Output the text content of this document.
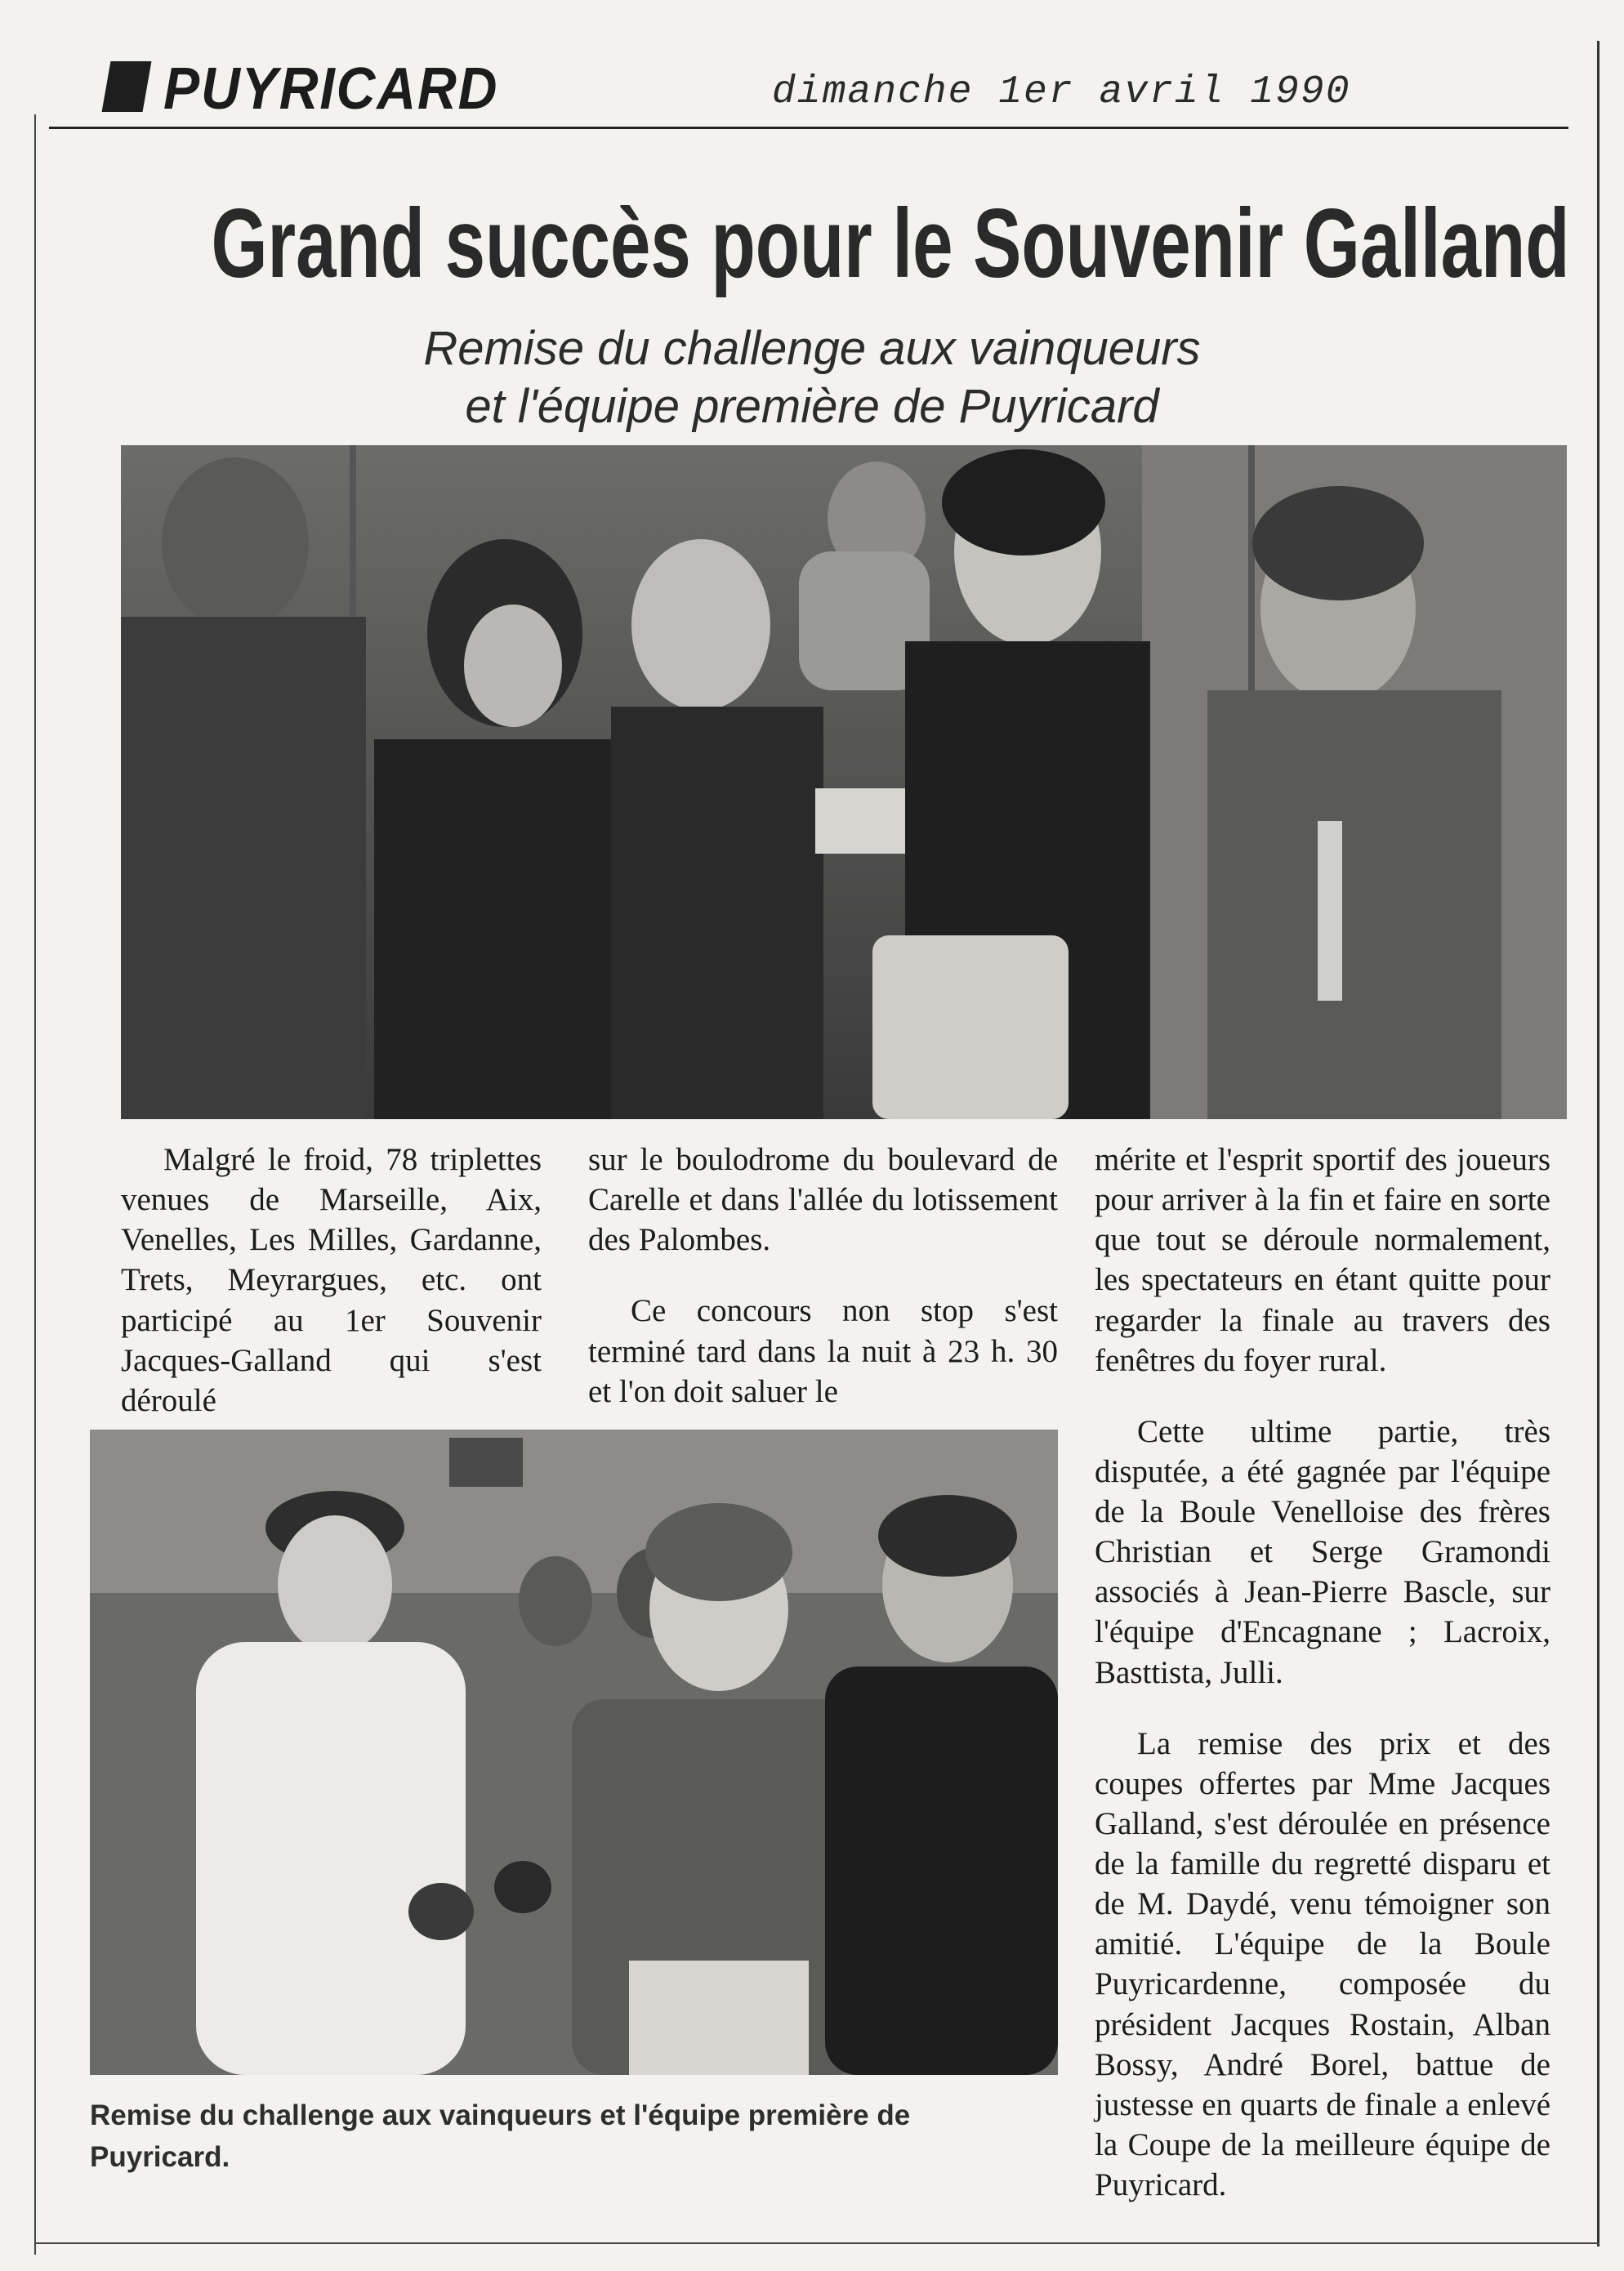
PUYRICARD	dimanche 1er avril 1990
Grand succès pour le Souvenir Galland
Remise du challenge aux vainqueurs
et l'équipe première de Puyricard

Malgré le froid, 78 triplettes venues de Marseille, Aix, Venelles, Les Milles, Gardanne, Trets, Meyrargues, etc. ont participé au 1er Souvenir Jacques-Galland qui s'est déroulé

sur le boulodrome du boulevard de Carelle et dans l'allée du lotissement des Palombes.

Ce concours non stop s'est terminé tard dans la nuit à 23 h. 30 et l'on doit saluer le

mérite et l'esprit sportif des joueurs pour arriver à la fin et faire en sorte que tout se déroule normalement, les spectateurs en étant quitte pour regarder la finale au travers des fenêtres du foyer rural.

Cette ultime partie, très disputée, a été gagnée par l'équipe de la Boule Venelloise des frères Christian et Serge Gramondi associés à Jean-Pierre Bascle, sur l'équipe d'Encagnane ; Lacroix, Basttista, Julli.

La remise des prix et des coupes offertes par Mme Jacques Galland, s'est déroulée en présence de la famille du regretté disparu et de M. Daydé, venu témoigner son amitié. L'équipe de la Boule Puyricardenne, composée du président Jacques Rostain, Alban Bossy, André Borel, battue de justesse en quarts de finale a enlevé la Coupe de la meilleure équipe de Puyricard.

Remise du challenge aux vainqueurs et l'équipe première de Puyricard.
